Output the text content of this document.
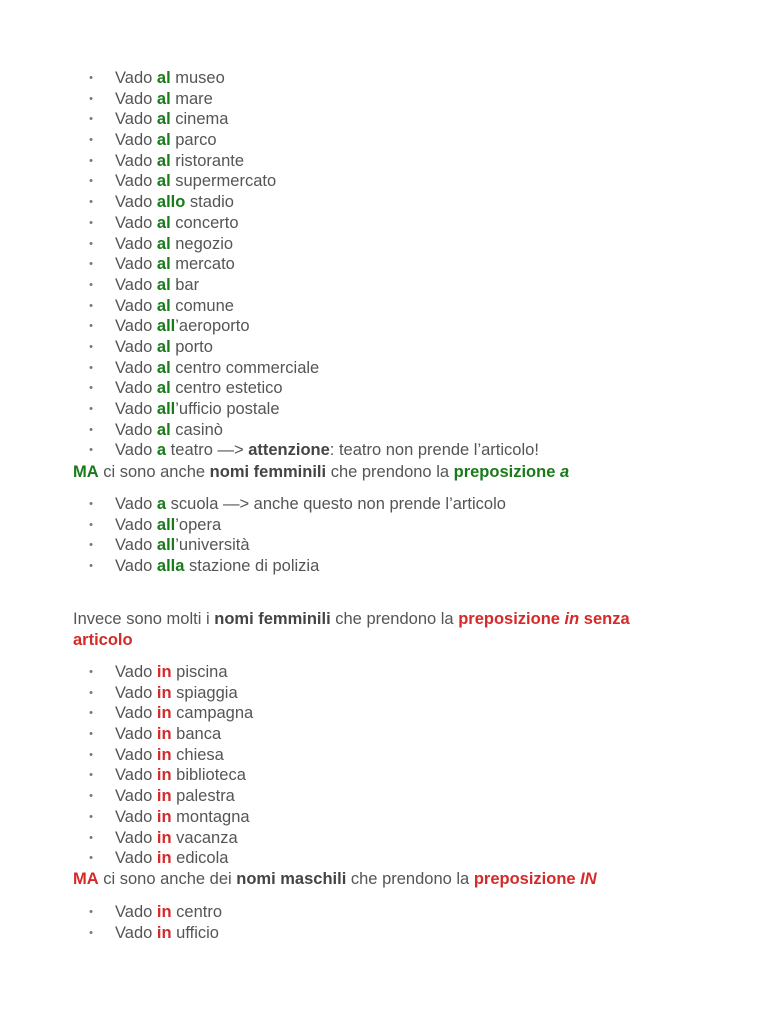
• Vado al museo
• Vado al mare
• Vado al cinema
• Vado al parco
• Vado al ristorante
• Vado al supermercato
• Vado allo stadio
• Vado al concerto
• Vado al negozio
• Vado al mercato
• Vado al bar
• Vado al comune
• Vado all’aeroporto
• Vado al porto
• Vado al centro commerciale
• Vado al centro estetico
• Vado all’ufficio postale
• Vado al casinò
• Vado a teatro —> attenzione: teatro non prende l’articolo!
MA ci sono anche nomi femminili che prendono la preposizione a
• Vado a scuola —> anche questo non prende l’articolo
• Vado all’opera
• Vado all’università
• Vado alla stazione di polizia
Invece sono molti i nomi femminili che prendono la preposizione in senza
articolo
• Vado in piscina
• Vado in spiaggia
• Vado in campagna
• Vado in banca
• Vado in chiesa
• Vado in biblioteca
• Vado in palestra
• Vado in montagna
• Vado in vacanza
• Vado in edicola
MA ci sono anche dei nomi maschili che prendono la preposizione IN
• Vado in centro
• Vado in ufficio
